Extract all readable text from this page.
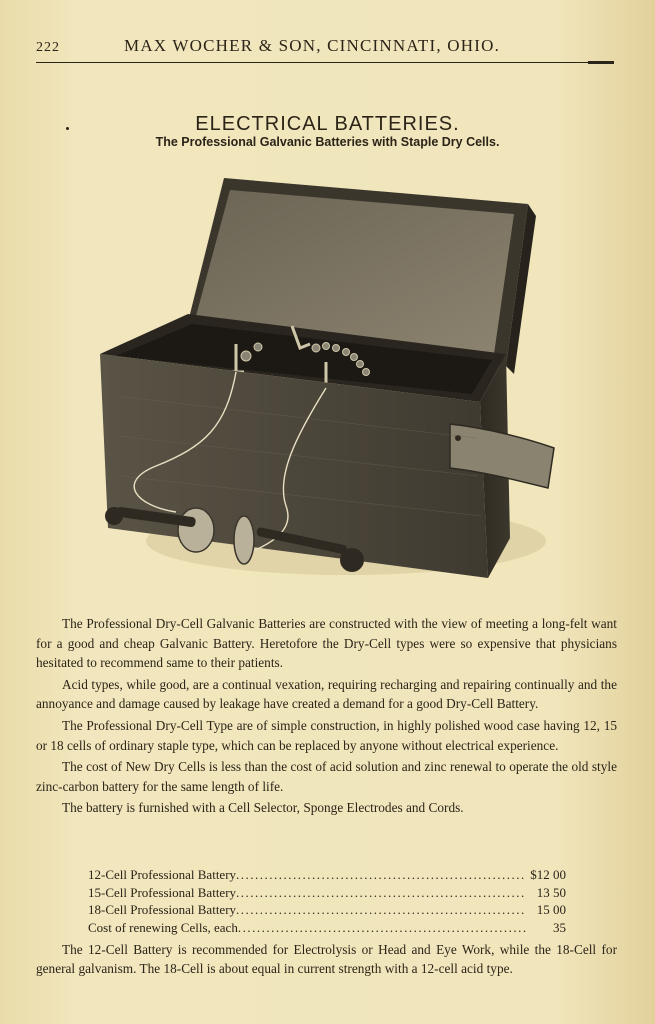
222	MAX WOCHER & SON, CINCINNATI, OHIO.
ELECTRICAL BATTERIES.
The Professional Galvanic Batteries with Staple Dry Cells.

The Professional Dry-Cell Galvanic Batteries are constructed with the view of meeting a long-felt want for a good and cheap Galvanic Battery. Heretofore the Dry-Cell types were so expensive that physicians hesitated to recommend same to their patients.

Acid types, while good, are a continual vexation, requiring recharging and repairing continually and the annoyance and damage caused by leakage have created a demand for a good Dry-Cell Battery.

The Professional Dry-Cell Type are of simple construction, in highly polished wood case having 12, 15 or 18 cells of ordinary staple type, which can be replaced by anyone without electrical experience.

The cost of New Dry Cells is less than the cost of acid solution and zinc renewal to operate the old style zinc-carbon battery for the same length of life.

The battery is furnished with a Cell Selector, Sponge Electrodes and Cords.

12-Cell Professional Battery .....	$12 00
15-Cell Professional Battery .....	13 50
18-Cell Professional Battery .....	15 00
Cost of renewing Cells, each .....	35

The 12-Cell Battery is recommended for Electrolysis or Head and Eye Work, while the 18-Cell for general galvanism. The 18-Cell is about equal in current strength with a 12-cell acid type.
